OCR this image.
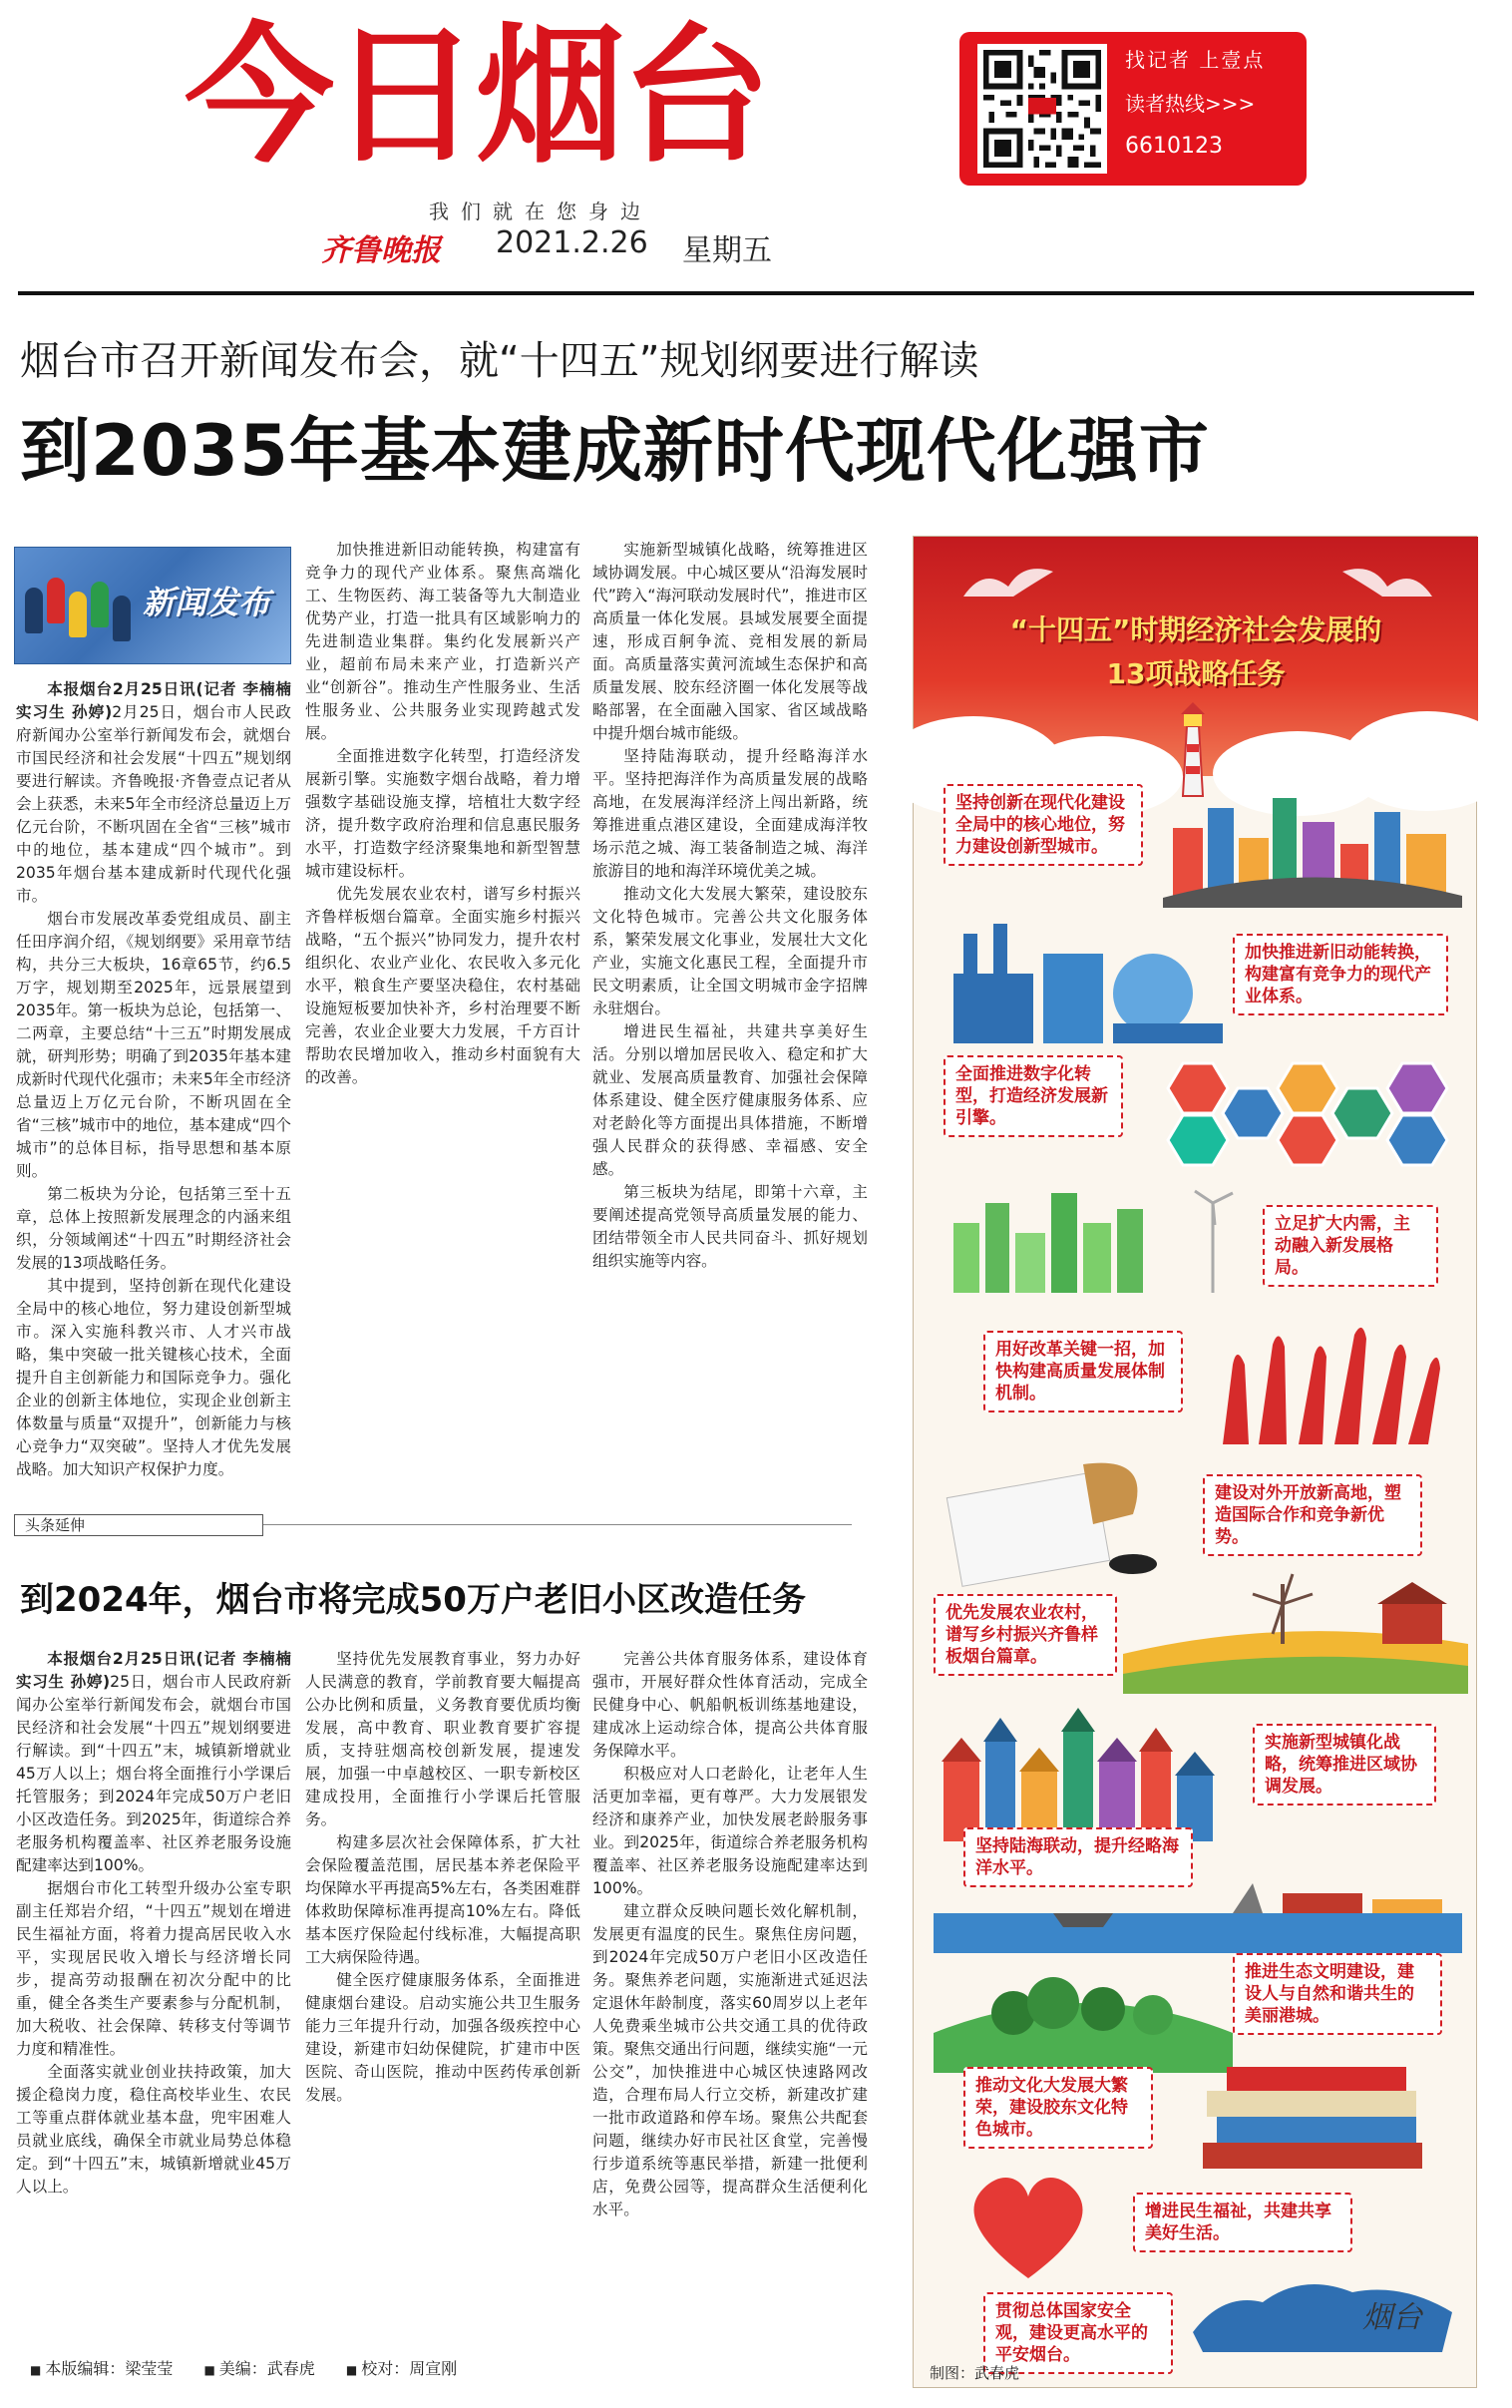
今日烟台
我们就在您身边
齐鲁晚报 2021.2.26 星期五
找记者 上壹点
读者热线>>>
6610123
烟台市召开新闻发布会，就“十四五”规划纲要进行解读
到2035年基本建成新时代现代化强市
新闻发布

本报烟台2月25日讯(记者 李楠楠 实习生 孙婷)2月25日，烟台市人民政府新闻办公室举行新闻发布会，就烟台市国民经济和社会发展“十四五”规划纲要进行解读。齐鲁晚报·齐鲁壹点记者从会上获悉，未来5年全市经济总量迈上万亿元台阶，不断巩固在全省“三核”城市中的地位，基本建成“四个城市”。到2035年烟台基本建成新时代现代化强市。

烟台市发展改革委党组成员、副主任田序润介绍，《规划纲要》采用章节结构，共分三大板块，16章65节，约6.5万字，规划期至2025年，远景展望到2035年。第一板块为总论，包括第一、二两章，主要总结“十三五”时期发展成就，研判形势；明确了到2035年基本建成新时代现代化强市；未来5年全市经济总量迈上万亿元台阶，不断巩固在全省“三核”城市中的地位，基本建成“四个城市”的总体目标，指导思想和基本原则。

第二板块为分论，包括第三至十五章，总体上按照新发展理念的内涵来组织，分领域阐述“十四五”时期经济社会发展的13项战略任务。

其中提到，坚持创新在现代化建设全局中的核心地位，努力建设创新型城市。深入实施科教兴市、人才兴市战略，集中突破一批关键核心技术，全面提升自主创新能力和国际竞争力。强化企业的创新主体地位，实现企业创新主体数量与质量“双提升”，创新能力与核心竞争力“双突破”。坚持人才优先发展战略。加大知识产权保护力度。

加快推进新旧动能转换，构建富有竞争力的现代产业体系。聚焦高端化工、生物医药、海工装备等九大制造业优势产业，打造一批具有区域影响力的先进制造业集群。集约化发展新兴产业，超前布局未来产业，打造新兴产业“创新谷”。推动生产性服务业、生活性服务业、公共服务业实现跨越式发展。

全面推进数字化转型，打造经济发展新引擎。实施数字烟台战略，着力增强数字基础设施支撑，培植壮大数字经济，提升数字政府治理和信息惠民服务水平，打造数字经济聚集地和新型智慧城市建设标杆。

优先发展农业农村，谱写乡村振兴齐鲁样板烟台篇章。全面实施乡村振兴战略，“五个振兴”协同发力，提升农村组织化、农业产业化、农民收入多元化水平，粮食生产要坚决稳住，农村基础设施短板要加快补齐，乡村治理要不断完善，农业企业要大力发展，千方百计帮助农民增加收入，推动乡村面貌有大的改善。

实施新型城镇化战略，统筹推进区域协调发展。中心城区要从“沿海发展时代”跨入“海河联动发展时代”，推进市区高质量一体化发展。县域发展要全面提速，形成百舸争流、竞相发展的新局面。高质量落实黄河流域生态保护和高质量发展、胶东经济圈一体化发展等战略部署，在全面融入国家、省区域战略中提升烟台城市能级。

坚持陆海联动，提升经略海洋水平。坚持把海洋作为高质量发展的战略高地，在发展海洋经济上闯出新路，统筹推进重点港区建设，全面建成海洋牧场示范之城、海工装备制造之城、海洋旅游目的地和海洋环境优美之城。

推动文化大发展大繁荣，建设胶东文化特色城市。完善公共文化服务体系，繁荣发展文化事业，发展壮大文化产业，实施文化惠民工程，全面提升市民文明素质，让全国文明城市金字招牌永驻烟台。

增进民生福祉，共建共享美好生活。分别以增加居民收入、稳定和扩大就业、发展高质量教育、加强社会保障体系建设、健全医疗健康服务体系、应对老龄化等方面提出具体措施，不断增强人民群众的获得感、幸福感、安全感。

第三板块为结尾，即第十六章，主要阐述提高党领导高质量发展的能力、团结带领全市人民共同奋斗、抓好规划组织实施等内容。

头条延伸
到2024年，烟台市将完成50万户老旧小区改造任务

本报烟台2月25日讯(记者 李楠楠 实习生 孙婷)25日，烟台市人民政府新闻办公室举行新闻发布会，就烟台市国民经济和社会发展“十四五”规划纲要进行解读。到“十四五”末，城镇新增就业45万人以上；烟台将全面推行小学课后托管服务；到2024年完成50万户老旧小区改造任务。到2025年，街道综合养老服务机构覆盖率、社区养老服务设施配建率达到100%。

据烟台市化工转型升级办公室专职副主任郑岩介绍，“十四五”规划在增进民生福祉方面，将着力提高居民收入水平，实现居民收入增长与经济增长同步，提高劳动报酬在初次分配中的比重，健全各类生产要素参与分配机制，加大税收、社会保障、转移支付等调节力度和精准性。

全面落实就业创业扶持政策，加大援企稳岗力度，稳住高校毕业生、农民工等重点群体就业基本盘，兜牢困难人员就业底线，确保全市就业局势总体稳定。到“十四五”末，城镇新增就业45万人以上。

坚持优先发展教育事业，努力办好人民满意的教育，学前教育要大幅提高公办比例和质量，义务教育要优质均衡发展，高中教育、职业教育要扩容提质，支持驻烟高校创新发展，提速发展，加强一中卓越校区、一职专新校区建成投用，全面推行小学课后托管服务。

构建多层次社会保障体系，扩大社会保险覆盖范围，居民基本养老保险平均保障水平再提高5%左右，各类困难群体救助保障标准再提高10%左右。降低基本医疗保险起付线标准，大幅提高职工大病保险待遇。

健全医疗健康服务体系，全面推进健康烟台建设。启动实施公共卫生服务能力三年提升行动，加强各级疾控中心建设，新建市妇幼保健院，扩建市中医医院、奇山医院，推动中医药传承创新发展。

完善公共体育服务体系，建设体育强市，开展好群众性体育活动，完成全民健身中心、帆船帆板训练基地建设，建成冰上运动综合体，提高公共体育服务保障水平。

积极应对人口老龄化，让老年人生活更加幸福，更有尊严。大力发展银发经济和康养产业，加快发展老龄服务事业。到2025年，街道综合养老服务机构覆盖率、社区养老服务设施配建率达到100%。

建立群众反映问题长效化解机制，发展更有温度的民生。聚焦住房问题，到2024年完成50万户老旧小区改造任务。聚焦养老问题，实施渐进式延迟法定退休年龄制度，落实60周岁以上老年人免费乘坐城市公共交通工具的优待政策。聚焦交通出行问题，继续实施“一元公交”，加快推进中心城区快速路网改造，合理布局人行立交桥，新建改扩建一批市政道路和停车场。聚焦公共配套问题，继续办好市民社区食堂，完善慢行步道系统等惠民举措，新建一批便利店，免费公园等，提高群众生活便利化水平。

“十四五”时期经济社会发展的
13项战略任务
坚持创新在现代化建设全局中的核心地位，努力建设创新型城市。
加快推进新旧动能转换，构建富有竞争力的现代产业体系。
全面推进数字化转型，打造经济发展新引擎。
立足扩大内需，主动融入新发展格局。
用好改革关键一招，加快构建高质量发展体制机制。
建设对外开放新高地，塑造国际合作和竞争新优势。
优先发展农业农村，谱写乡村振兴齐鲁样板烟台篇章。
实施新型城镇化战略，统筹推进区域协调发展。
坚持陆海联动，提升经略海洋水平。
推进生态文明建设，建设人与自然和谐共生的美丽港城。
推动文化大发展大繁荣，建设胶东文化特色城市。
增进民生福祉，共建共享美好生活。
贯彻总体国家安全观，建设更高水平的平安烟台。
烟台
制图：武春虎
■ 本版编辑：梁莹莹	■ 美编：武春虎	■ 校对：周宣刚
